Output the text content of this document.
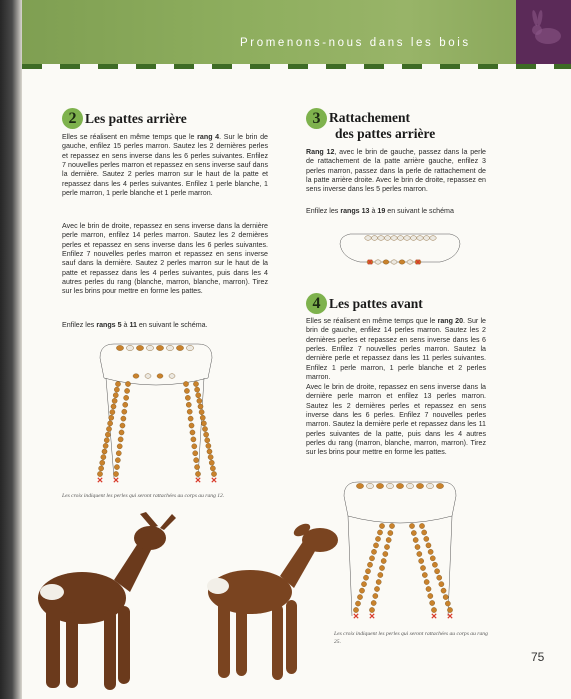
Promenons-nous dans les bois
2 Les pattes arrière

Elles se réalisent en même temps que le rang 4. Sur le brin de gauche, enfilez 15 perles marron. Sautez les 2 dernières perles et repassez en sens inverse dans les 6 perles suivantes. Enfilez 7 nouvelles perles marron et repassez en sens inverse sauf dans la dernière. Sautez 2 perles marron sur le haut de la patte et repassez dans les 4 perles suivantes. Enfilez 1 perle blanche, 1 perle marron, 1 perle blanche et 1 perle marron.

Avec le brin de droite, repassez en sens inverse dans la dernière perle marron, enfilez 14 perles marron. Sautez les 2 dernières perles et repassez en sens inverse dans les 6 perles suivantes. Enfilez 7 nouvelles perles marron et repassez en sens inverse sauf dans la dernière. Sautez 2 perles marron sur le haut de la patte et repassez dans les 4 perles suivantes, puis dans les 4 autres perles du rang (blanche, marron, blanche, marron). Tirez sur les brins pour mettre en forme les pattes.

Enfilez les rangs 5 à 11 en suivant le schéma.

3 Rattachement
des pattes arrière

Rang 12, avec le brin de gauche, passez dans la perle de rattachement de la patte arrière gauche, enfilez 3 perles marron, passez dans la perle de rattachement de la patte arrière droite. Avec le brin de droite, repassez en sens inverse dans les 5 perles marron.

Enfilez les rangs 13 à 19 en suivant le schéma

4 Les pattes avant

Elles se réalisent en même temps que le rang 20. Sur le brin de gauche, enfilez 14 perles marron. Sautez les 2 dernières perles et repassez en sens inverse dans les 6 perles. Enfilez 7 nouvelles perles marron. Sautez la dernière perle et repassez dans les 11 perles suivantes. Enfilez 1 perle marron, 1 perle blanche et 2 perles marron.

Avec le brin de droite, repassez en sens inverse dans la dernière perle marron et enfilez 13 perles marron. Sautez les 2 dernières perles et repassez en sens inverse dans les 6 perles. Enfilez 7 nouvelles perles marron. Sautez la dernière perle et repassez dans les 11 perles suivantes de la patte, puis dans les 4 autres perles du rang (marron, blanche, marron, marron). Tirez sur les brins pour mettre en forme les pattes.

Les croix indiquent les perles qui seront rattachées au corps au rang 12.
Les croix indiquent les perles qui seront rattachées au corps au rang 25.
75
